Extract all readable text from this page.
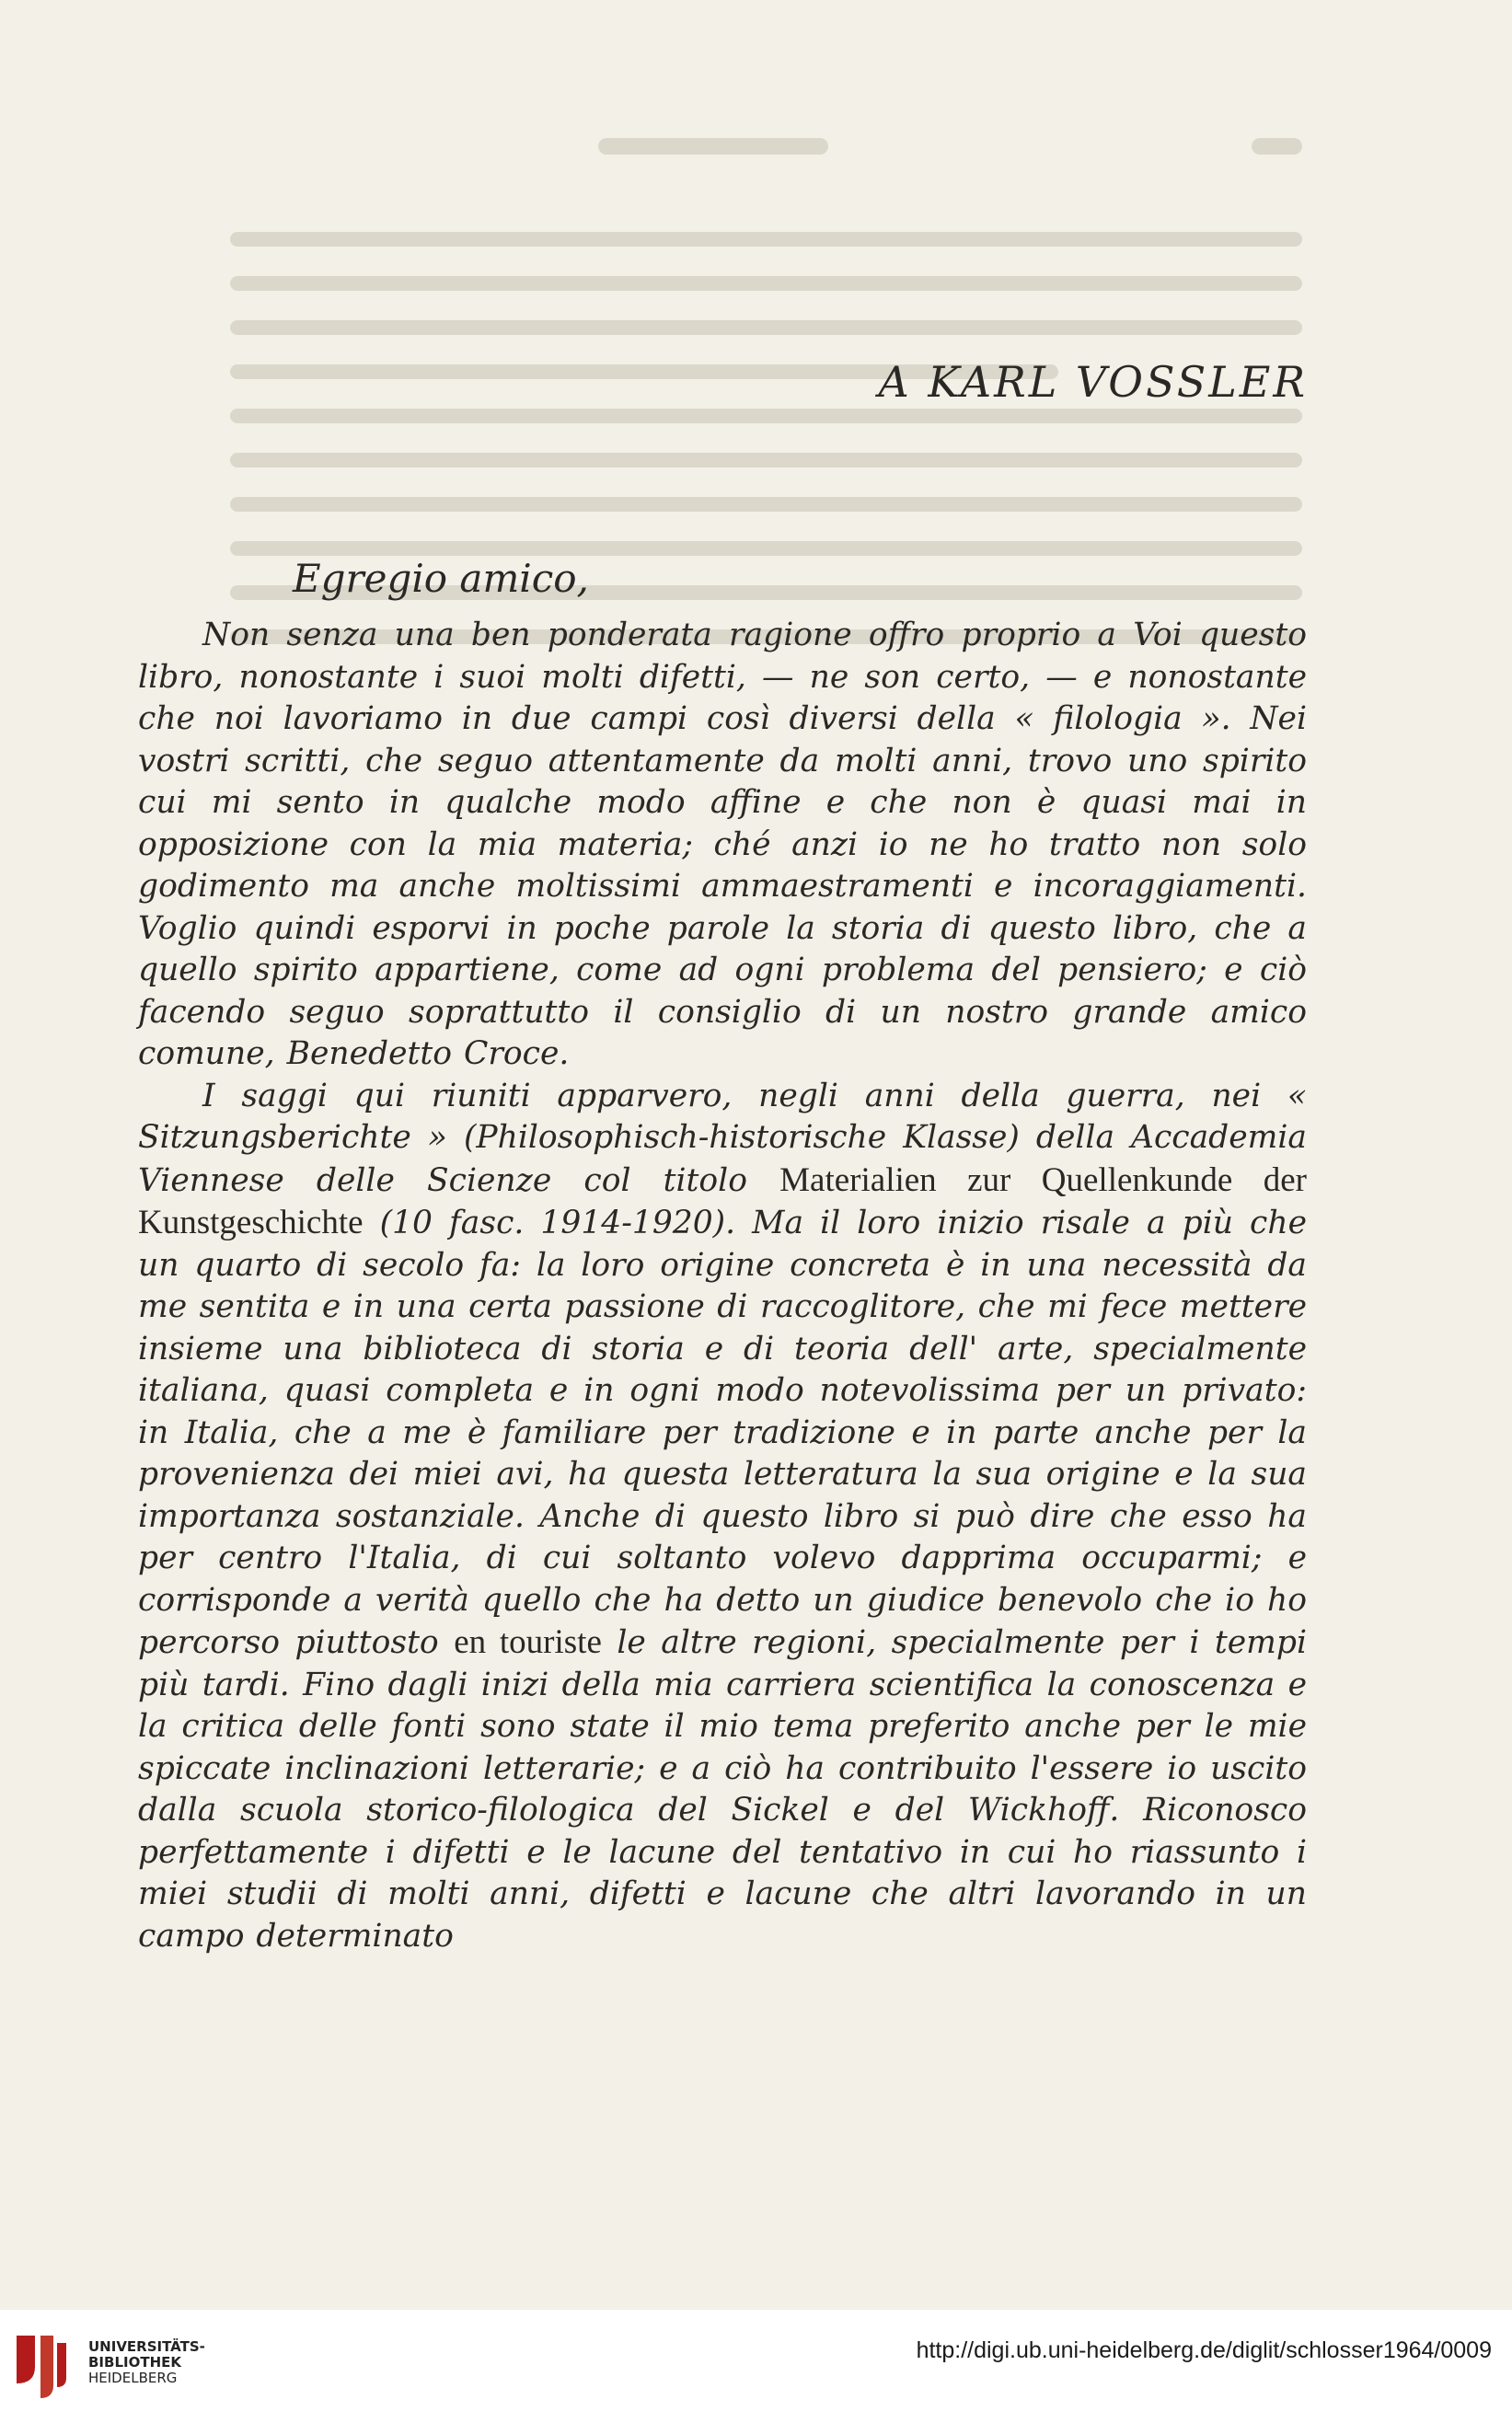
A KARL VOSSLER
Egregio amico,

Non senza una ben ponderata ragione offro proprio a Voi questo libro, nonostante i suoi molti difetti, — ne son certo, — e nonostante che noi lavoriamo in due campi così diversi della « filologia ». Nei vostri scritti, che seguo attentamente da molti anni, trovo uno spirito cui mi sento in qualche modo affine e che non è quasi mai in opposizione con la mia materia; ché anzi io ne ho tratto non solo godimento ma anche moltissimi ammaestramenti e incoraggiamenti. Voglio quindi esporvi in poche parole la storia di questo libro, che a quello spirito appartiene, come ad ogni problema del pensiero; e ciò facendo seguo soprattutto il consiglio di un nostro grande amico comune, Benedetto Croce.

I saggi qui riuniti apparvero, negli anni della guerra, nei « Sitzungsberichte » (Philosophisch-historische Klasse) della Accademia Viennese delle Scienze col titolo Materialien zur Quellenkunde der Kunstgeschichte (10 fasc. 1914-1920). Ma il loro inizio risale a più che un quarto di secolo fa: la loro origine concreta è in una necessità da me sentita e in una certa passione di raccoglitore, che mi fece mettere insieme una biblioteca di storia e di teoria dell' arte, specialmente italiana, quasi completa e in ogni modo notevolissima per un privato: in Italia, che a me è familiare per tradizione e in parte anche per la provenienza dei miei avi, ha questa letteratura la sua origine e la sua importanza sostanziale. Anche di questo libro si può dire che esso ha per centro l'Italia, di cui soltanto volevo dapprima occuparmi; e corrisponde a verità quello che ha detto un giudice benevolo che io ho percorso piuttosto en touriste le altre regioni, specialmente per i tempi più tardi. Fino dagli inizi della mia carriera scientifica la conoscenza e la critica delle fonti sono state il mio tema preferito anche per le mie spiccate inclinazioni letterarie; e a ciò ha contribuito l'essere io uscito dalla scuola storico-filologica del Sickel e del Wickhoff. Riconosco perfettamente i difetti e le lacune del tentativo in cui ho riassunto i miei studii di molti anni, difetti e lacune che altri lavorando in un campo determinato

UNIVERSITÄTS-
BIBLIOTHEK
HEIDELBERG
http://digi.ub.uni-heidelberg.de/diglit/schlosser1964/0009
